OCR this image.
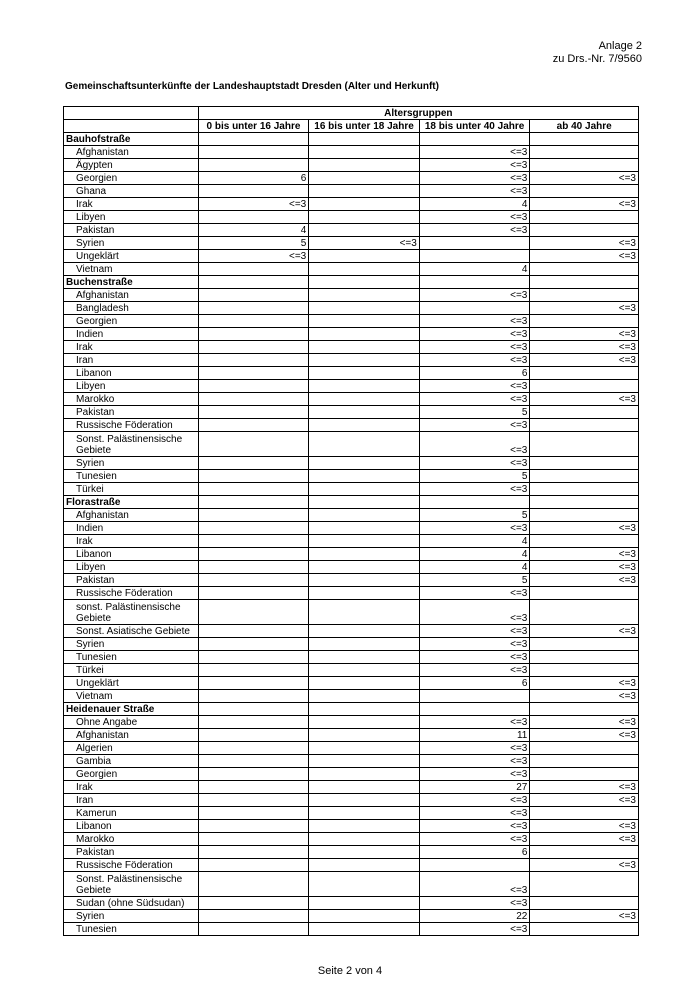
Anlage 2
zu Drs.-Nr. 7/9560
Gemeinschaftsunterkünfte der Landeshauptstadt Dresden (Alter und Herkunft)
	Altersgruppen			
	0 bis unter 16 Jahre	16 bis unter 18 Jahre	18 bis unter 40 Jahre	ab 40 Jahre
Bauhofstraße				
Afghanistan			<=3	
Ägypten			<=3	
Georgien	6		<=3	<=3
Ghana			<=3	
Irak	<=3		4	<=3
Libyen			<=3	
Pakistan	4		<=3	
Syrien	5	<=3		<=3
Ungeklärt	<=3			<=3
Vietnam			4	
Buchenstraße				
Afghanistan			<=3	
Bangladesh				<=3
Georgien			<=3	
Indien			<=3	<=3
Irak			<=3	<=3
Iran			<=3	<=3
Libanon			6	
Libyen			<=3	
Marokko			<=3	<=3
Pakistan			5	
Russische Föderation			<=3	
Sonst. Palästinensische Gebiete			<=3	
Syrien			<=3	
Tunesien			5	
Türkei			<=3	
Florastraße				
Afghanistan			5	
Indien			<=3	<=3
Irak			4	
Libanon			4	<=3
Libyen			4	<=3
Pakistan			5	<=3
Russische Föderation			<=3	
sonst. Palästinensische Gebiete			<=3	
Sonst. Asiatische Gebiete			<=3	<=3
Syrien			<=3	
Tunesien			<=3	
Türkei			<=3	
Ungeklärt			6	<=3
Vietnam				<=3
Heidenauer Straße				
Ohne Angabe			<=3	<=3
Afghanistan			11	<=3
Algerien			<=3	
Gambia			<=3	
Georgien			<=3	
Irak			27	<=3
Iran			<=3	<=3
Kamerun			<=3	
Libanon			<=3	<=3
Marokko			<=3	<=3
Pakistan			6	
Russische Föderation				<=3
Sonst. Palästinensische Gebiete			<=3	
Sudan (ohne Südsudan)			<=3	
Syrien			22	<=3
Tunesien			<=3	
Seite 2 von 4
